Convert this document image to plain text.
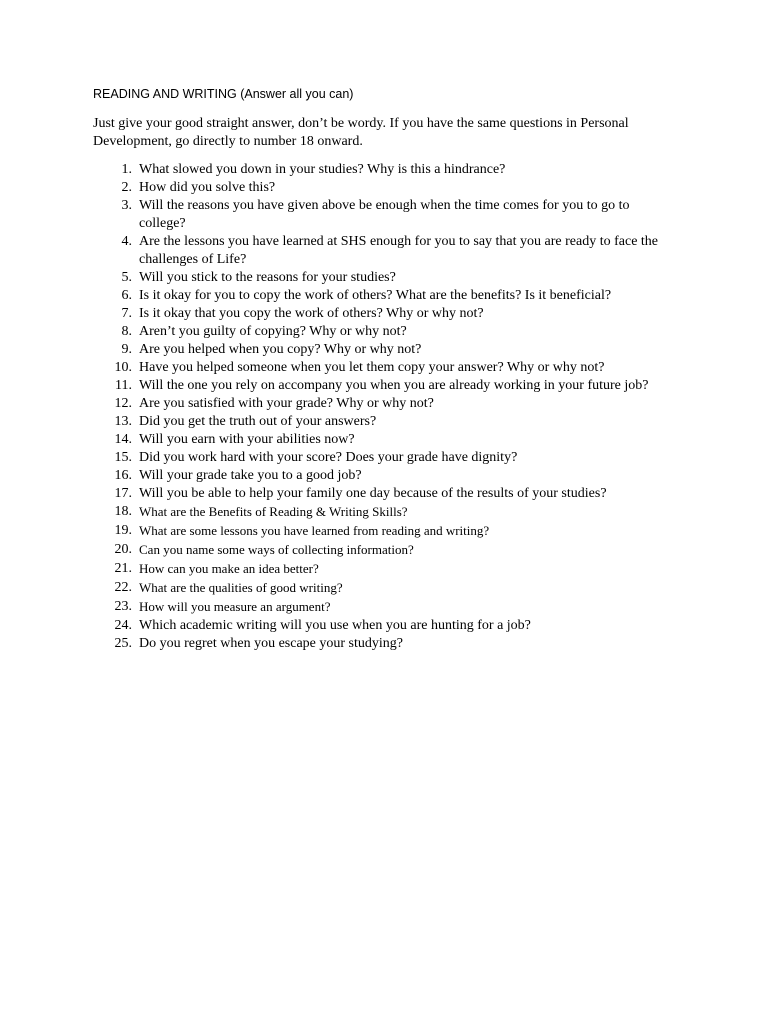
READING AND WRITING (Answer all you can)
Just give your good straight answer, don’t be wordy. If you have the same questions in Personal Development, go directly to number 18 onward.
1. What slowed you down in your studies? Why is this a hindrance?
2. How did you solve this?
3. Will the reasons you have given above be enough when the time comes for you to go to college?
4. Are the lessons you have learned at SHS enough for you to say that you are ready to face the challenges of Life?
5. Will you stick to the reasons for your studies?
6. Is it okay for you to copy the work of others? What are the benefits? Is it beneficial?
7. Is it okay that you copy the work of others? Why or why not?
8. Aren’t you guilty of copying? Why or why not?
9. Are you helped when you copy? Why or why not?
10. Have you helped someone when you let them copy your answer? Why or why not?
11. Will the one you rely on accompany you when you are already working in your future job?
12. Are you satisfied with your grade? Why or why not?
13. Did you get the truth out of your answers?
14. Will you earn with your abilities now?
15. Did you work hard with your score? Does your grade have dignity?
16. Will your grade take you to a good job?
17. Will you be able to help your family one day because of the results of your studies?
18. What are the Benefits of Reading & Writing Skills?
19. What are some lessons you have learned from reading and writing?
20. Can you name some ways of collecting information?
21. How can you make an idea better?
22. What are the qualities of good writing?
23. How will you measure an argument?
24. Which academic writing will you use when you are hunting for a job?
25. Do you regret when you escape your studying?
